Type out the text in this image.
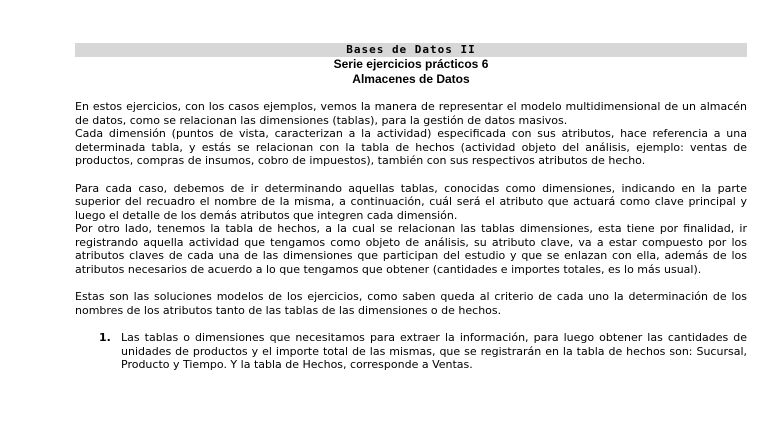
Bases de Datos II
Serie ejercicios prácticos 6
Almacenes de Datos

En estos ejercicios, con los casos ejemplos, vemos la manera de representar el modelo multidimensional de un almacén de datos, como se relacionan las dimensiones (tablas), para la gestión de datos masivos.

Cada dimensión (puntos de vista, caracterizan a la actividad) especificada con sus atributos, hace referencia a una determinada tabla, y estás se relacionan con la tabla de hechos (actividad objeto del análisis, ejemplo: ventas de productos, compras de insumos, cobro de impuestos), también con sus respectivos atributos de hecho.

Para cada caso, debemos de ir determinando aquellas tablas, conocidas como dimensiones, indicando en la parte superior del recuadro el nombre de la misma, a continuación, cuál será el atributo que actuará como clave principal y luego el detalle de los demás atributos que integren cada dimensión.

Por otro lado, tenemos la tabla de hechos, a la cual se relacionan las tablas dimensiones, esta tiene por finalidad, ir registrando aquella actividad que tengamos como objeto de análisis, su atributo clave, va a estar compuesto por los atributos claves de cada una de las dimensiones que participan del estudio y que se enlazan con ella, además de los atributos necesarios de acuerdo a lo que tengamos que obtener (cantidades e importes totales, es lo más usual).

Estas son las soluciones modelos de los ejercicios, como saben queda al criterio de cada uno la determinación de los nombres de los atributos tanto de las tablas de las dimensiones o de hechos.

1. Las tablas o dimensiones que necesitamos para extraer la información, para luego obtener las cantidades de unidades de productos y el importe total de las mismas, que se registrarán en la tabla de hechos son: Sucursal, Producto y Tiempo. Y la tabla de Hechos, corresponde a Ventas.
